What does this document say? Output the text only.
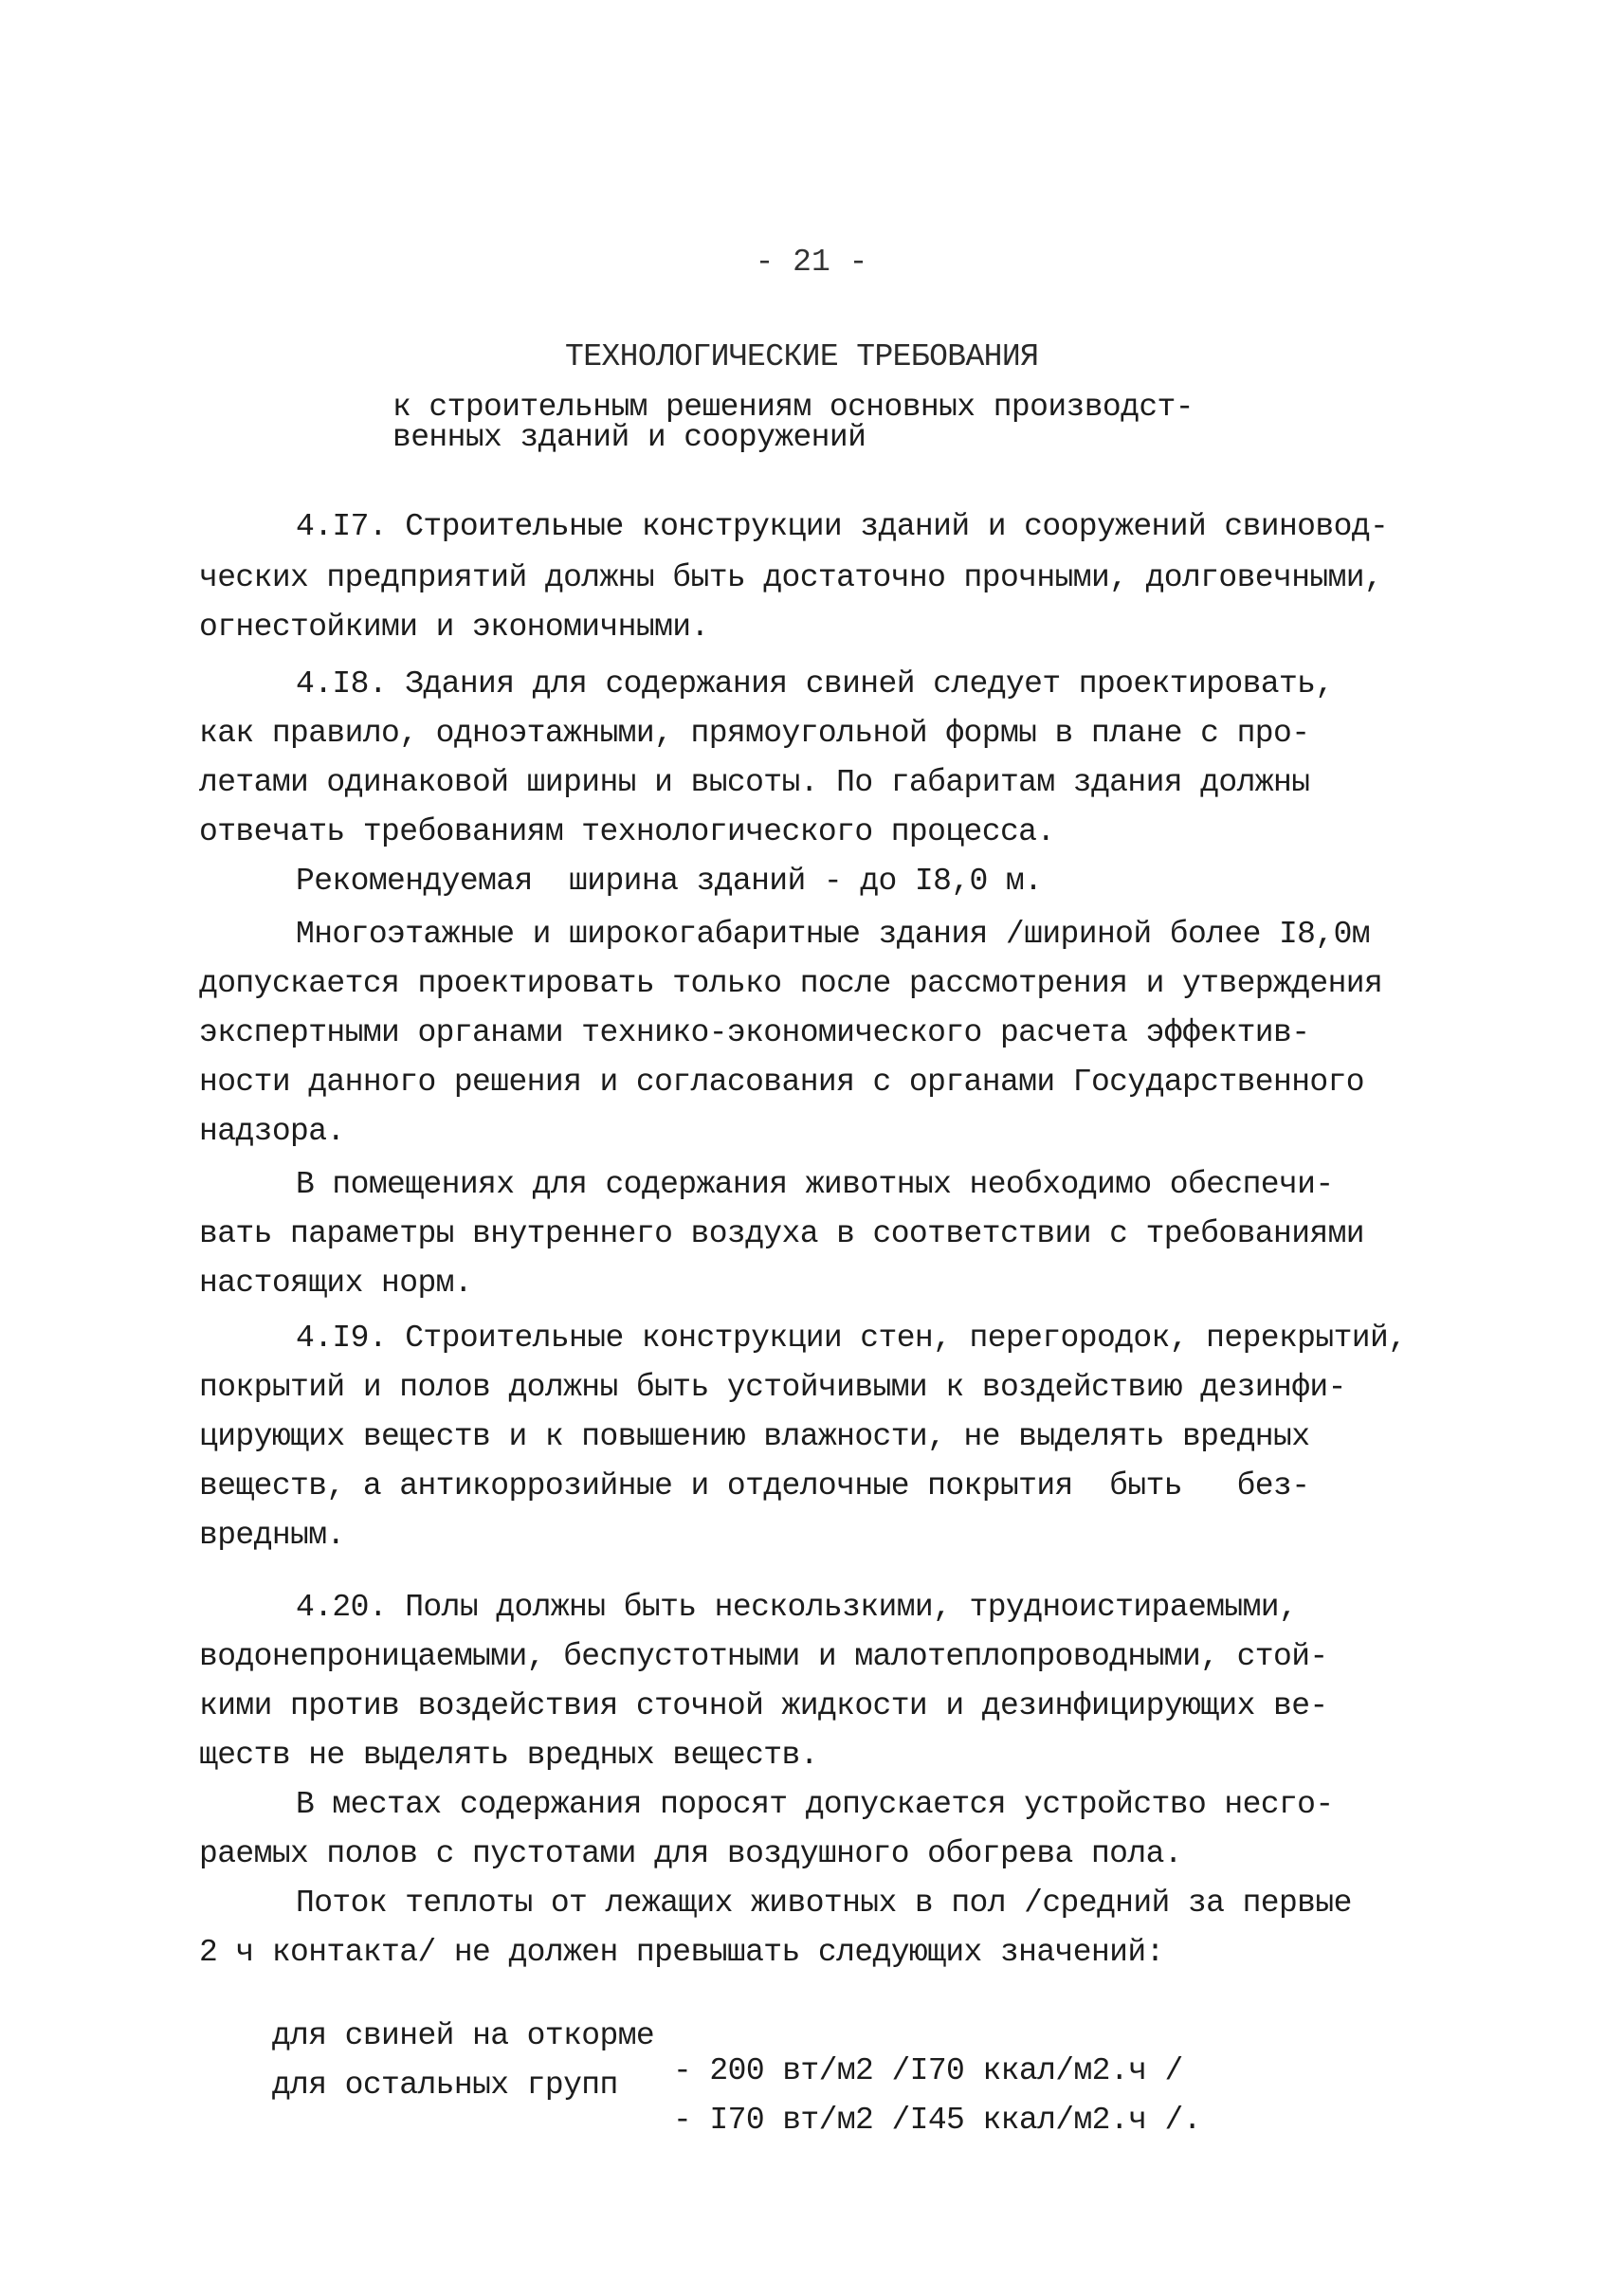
- 21 -
ТЕХНОЛОГИЧЕСКИЕ ТРЕБОВАНИЯ
к строительным решениям основных производст-
венных зданий и сооружений
4.I7. Строительные конструкции зданий и сооружений свиновод-
ческих предприятий должны быть достаточно прочными, долговечными,
огнестойкими и экономичными.
4.I8. Здания для содержания свиней следует проектировать,
как правило, одноэтажными, прямоугольной формы в плане с про-
летами одинаковой ширины и высоты. По габаритам здания должны
отвечать требованиям технологического процесса.
Рекомендуемая  ширина зданий - до I8,0 м.
Многоэтажные и широкогабаритные здания /шириной более I8,0м
допускается проектировать только после рассмотрения и утверждения
экспертными органами технико-экономического расчета эффектив-
ности данного решения и согласования с органами Государственного
надзора.
В помещениях для содержания животных необходимо обеспечи-
вать параметры внутреннего воздуха в соответствии с требованиями
настоящих норм.
4.I9. Строительные конструкции стен, перегородок, перекрытий,
покрытий и полов должны быть устойчивыми к воздействию дезинфи-
цирующих веществ и к повышению влажности, не выделять вредных
веществ, а антикоррозийные и отделочные покрытия  быть   без-
вредным.
4.20. Полы должны быть нескользкими, трудноистираемыми,
водонепроницаемыми, беспустотными и малотеплопроводными, стой-
кими против воздействия сточной жидкости и дезинфицирующих ве-
ществ не выделять вредных веществ.
В местах содержания поросят допускается устройство несго-
раемых полов с пустотами для воздушного обогрева пола.
Поток теплоты от лежащих животных в пол /средний за первые
2 ч контакта/ не должен превышать следующих значений:

для свиней на откорме

- 200 вт/м2 /I70 ккал/м2.ч /

для остальных групп

- I70 вт/м2 /I45 ккал/м2.ч /.
